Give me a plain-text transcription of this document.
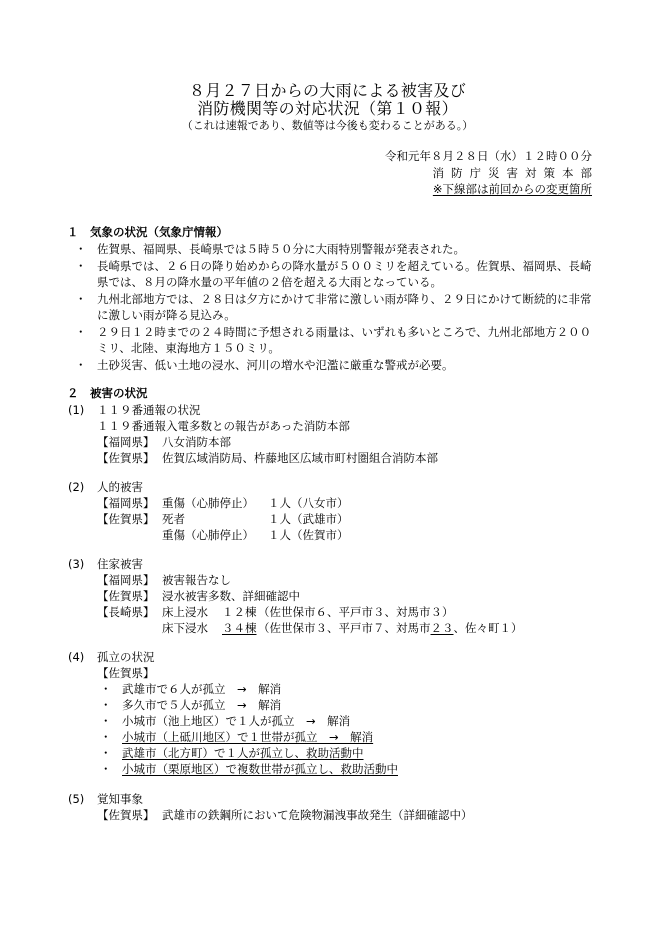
８月２７日からの大雨による被害及び
消防機関等の対応状況（第１０報）
（これは速報であり、数値等は今後も変わることがある。）
令和元年８月２８日（水）１２時００分
消防庁災害対策本部
※下線部は前回からの変更箇所
１　気象の状況（気象庁情報）
・ 佐賀県、福岡県、長崎県では５時５０分に大雨特別警報が発表された。
・ 長崎県では、２６日の降り始めからの降水量が５００ミリを超えている。佐賀県、福岡県、長崎
県では、８月の降水量の平年値の２倍を超える大雨となっている。
・ 九州北部地方では、２８日は夕方にかけて非常に激しい雨が降り、２９日にかけて断続的に非常
に激しい雨が降る見込み。
・ ２９日１２時までの２４時間に予想される雨量は、いずれも多いところで、九州北部地方２００
ミリ、北陸、東海地方１５０ミリ。
・ 土砂災害、低い土地の浸水、河川の増水や氾濫に厳重な警戒が必要。
２　被害の状況
(1) １１９番通報の状況
１１９番通報入電多数との報告があった消防本部
【福岡県】 八女消防本部
【佐賀県】 佐賀広域消防局、杵藤地区広域市町村圏組合消防本部
(2) 人的被害
【福岡県】 重傷（心肺停止） １人（八女市）
【佐賀県】 死者	１人（武雄市）
重傷（心肺停止） １人（佐賀市）
(3) 住家被害
【福岡県】 被害報告なし
【佐賀県】 浸水被害多数、詳細確認中
【長崎県】 床上浸水 １２棟 （佐世保市６、平戸市３、対馬市３）
床下浸水 ３４棟 （佐世保市３、平戸市７、対馬市２３、佐々町１）
(4) 孤立の状況
【佐賀県】
・ 武雄市で６人が孤立　→　解消
・ 多久市で５人が孤立　→　解消
・ 小城市（池上地区）で１人が孤立　→　解消
・ 小城市（上砥川地区）で１世帯が孤立　→　解消
・ 武雄市（北方町）で１人が孤立し、救助活動中
・ 小城市（栗原地区）で複数世帯が孤立し、救助活動中
(5) 覚知事象
【佐賀県】 武雄市の鉄鋼所において危険物漏洩事故発生（詳細確認中）
